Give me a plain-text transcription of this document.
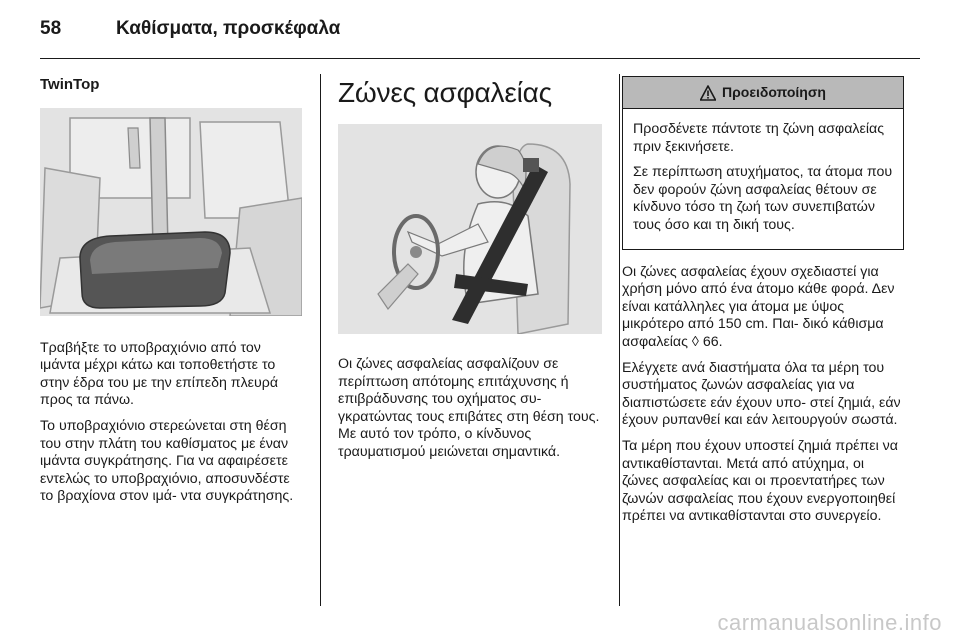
58	Καθίσματα, προσκέφαλα
TwinTop

Τραβήξτε το υποβραχιόνιο από τον ιμάντα μέχρι κάτω και τοποθετήστε το στην έδρα του με την επίπεδη πλευρά προς τα πάνω.

Το υποβραχιόνιο στερεώνεται στη θέση του στην πλάτη του καθίσματος με έναν ιμάντα συγκράτησης. Για να αφαιρέσετε εντελώς το υποβραχιόνιο, αποσυνδέστε το βραχίονα στον ιμά- ντα συγκράτησης.

Ζώνες ασφαλείας

Οι ζώνες ασφαλείας ασφαλίζουν σε περίπτωση απότομης επιτάχυνσης ή επιβράδυνσης του οχήματος συ- γκρατώντας τους επιβάτες στη θέση τους. Με αυτό τον τρόπο, ο κίνδυνος τραυματισμού μειώνεται σημαντικά.

Προειδοποίηση

Προσδένετε πάντοτε τη ζώνη ασφαλείας πριν ξεκινήσετε.

Σε περίπτωση ατυχήματος, τα άτομα που δεν φορούν ζώνη ασφαλείας θέτουν σε κίνδυνο τόσο τη ζωή των συνεπιβατών τους όσο και τη δική τους.

Οι ζώνες ασφαλείας έχουν σχεδιαστεί για χρήση μόνο από ένα άτομο κάθε φορά. Δεν είναι κατάλληλες για άτομα με ύψος μικρότερο από 150 cm. Παι- δικό κάθισμα ασφαλείας ◊ 66.

Ελέγχετε ανά διαστήματα όλα τα μέρη του συστήματος ζωνών ασφαλείας για να διαπιστώσετε εάν έχουν υπο- στεί ζημιά, εάν έχουν ρυπανθεί και εάν λειτουργούν σωστά.

Τα μέρη που έχουν υποστεί ζημιά πρέπει να αντικαθίστανται. Μετά από ατύχημα, οι ζώνες ασφαλείας και οι προεντατήρες των ζωνών ασφαλείας που έχουν ενεργοποιηθεί πρέπει να αντικαθίστανται στο συνεργείο.

carmanualsonline.info
